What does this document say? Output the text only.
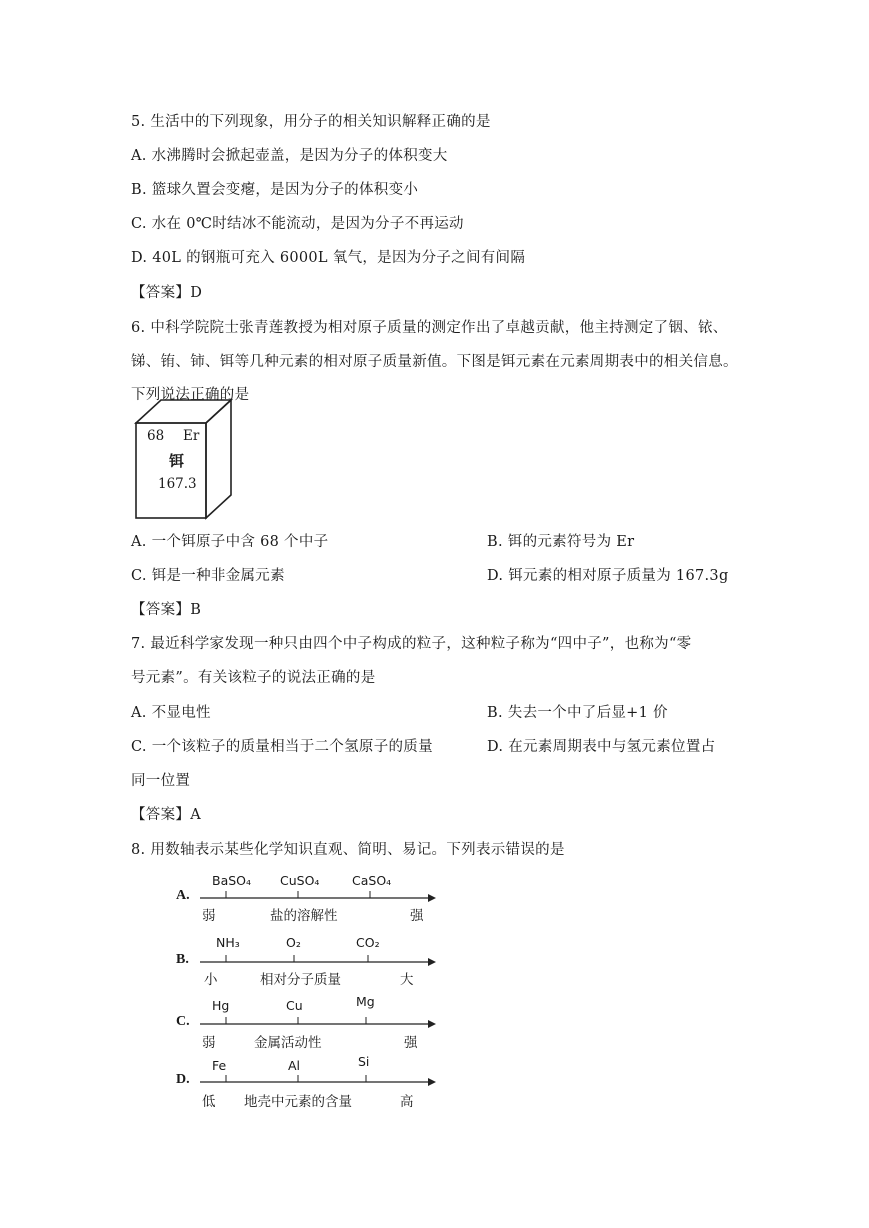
5. 生活中的下列现象，用分子的相关知识解释正确的是
A. 水沸腾时会掀起壶盖，是因为分子的体积变大
B. 篮球久置会变瘪，是因为分子的体积变小
C. 水在 0℃时结冰不能流动，是因为分子不再运动
D. 40L 的钢瓶可充入 6000L 氧气，是因为分子之间有间隔
【答案】D
6. 中科学院院士张青莲教授为相对原子质量的测定作出了卓越贡献，他主持测定了铟、铱、
锑、铕、铈、铒等几种元素的相对原子质量新值。下图是铒元素在元素周期表中的相关信息。
下列说法正确的是
68 Er
铒
167.3
A. 一个铒原子中含 68 个中子	B. 铒的元素符号为 Er
C. 铒是一种非金属元素	D. 铒元素的相对原子质量为 167.3g
【答案】B
7. 最近科学家发现一种只由四个中子构成的粒子，这种粒子称为“四中子”，也称为“零
号元素”。有关该粒子的说法正确的是
A. 不显电性	B. 失去一个中了后显+1 价
C. 一个该粒子的质量相当于二个氢原子的质量	D. 在元素周期表中与氢元素位置占
同一位置
【答案】A
8. 用数轴表示某些化学知识直观、简明、易记。下列表示错误的是
A.
BaSO₄ CuSO₄	CaSO₄
弱	盐的溶解性	强
B.
NH₃	O₂	CO₂
小	相对分子质量	大
C.
Hg	Cu	Mg
弱	金属活动性	强
D.
Fe	Al	Si
低 地壳中元素的含量	高
